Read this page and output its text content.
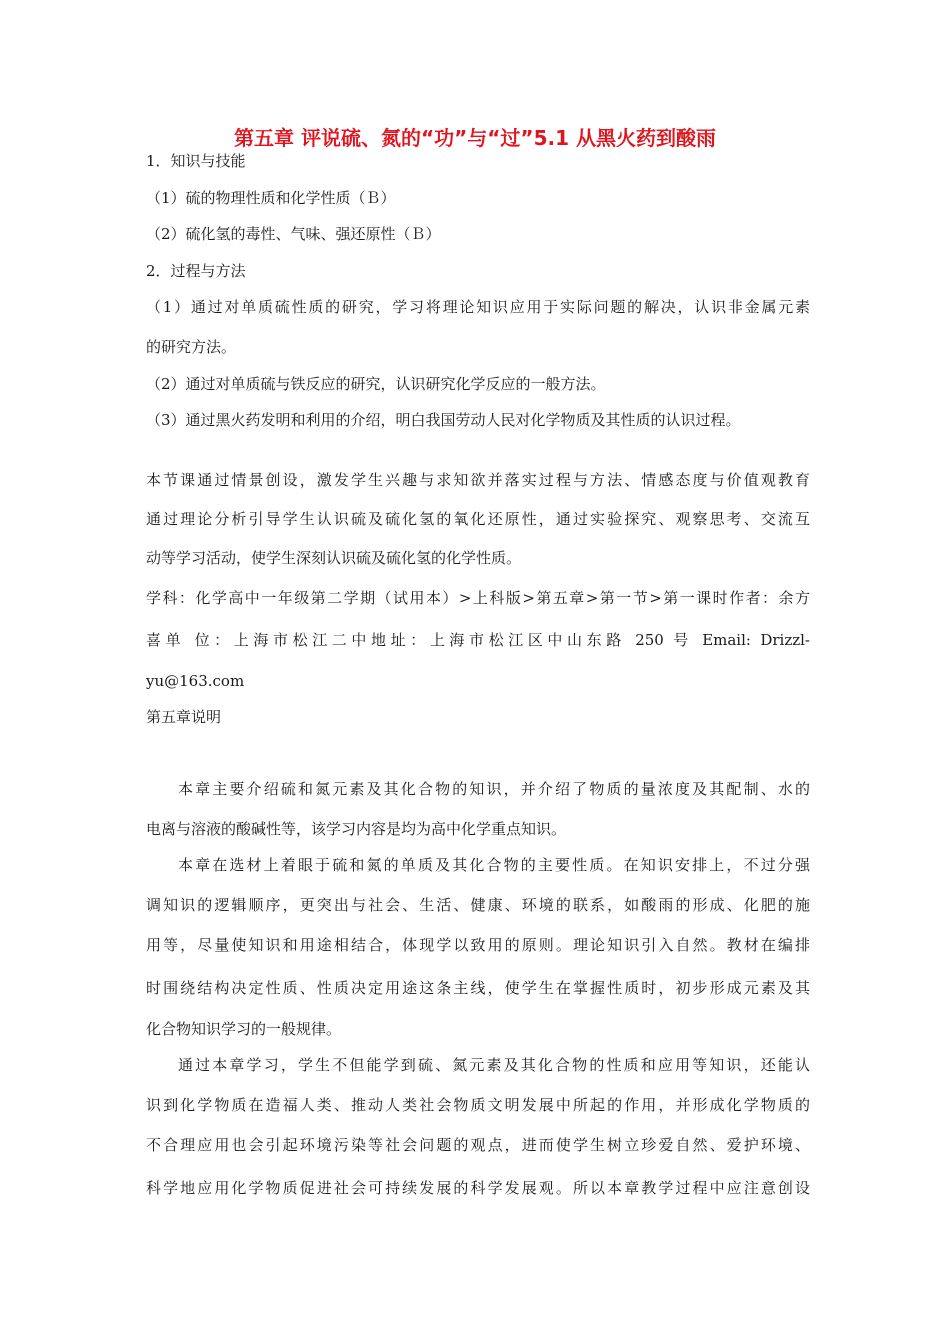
第五章 评说硫、氮的“功”与“过”5.1 从黑火药到酸雨
1．知识与技能
（1）硫的物理性质和化学性质（Ｂ）
（2）硫化氢的毒性、气味、强还原性（Ｂ）
2．过程与方法
（1）通过对单质硫性质的研究，学习将理论知识应用于实际问题的解决，认识非金属元素
的研究方法。
（2）通过对单质硫与铁反应的研究，认识研究化学反应的一般方法。
（3）通过黑火药发明和利用的介绍，明白我国劳动人民对化学物质及其性质的认识过程。
本节课通过情景创设，激发学生兴趣与求知欲并落实过程与方法、情感态度与价值观教育
通过理论分析引导学生认识硫及硫化氢的氧化还原性，通过实验探究、观察思考、交流互
动等学习活动，使学生深刻认识硫及硫化氢的化学性质。
学科：化学高中一年级第二学期（试用本）>上科版>第五章>第一节>第一课时作者：余方
喜单 位：上海市松江二中地址：上海市松江区中山东路 250 号 Email: Drizzl-
yu@163.com
第五章说明
本章主要介绍硫和氮元素及其化合物的知识，并介绍了物质的量浓度及其配制、水的
电离与溶液的酸碱性等，该学习内容是均为高中化学重点知识。
本章在选材上着眼于硫和氮的单质及其化合物的主要性质。在知识安排上，不过分强
调知识的逻辑顺序，更突出与社会、生活、健康、环境的联系，如酸雨的形成、化肥的施
用等，尽量使知识和用途相结合，体现学以致用的原则。理论知识引入自然。教材在编排
时围绕结构决定性质、性质决定用途这条主线，使学生在掌握性质时，初步形成元素及其
化合物知识学习的一般规律。
通过本章学习，学生不但能学到硫、氮元素及其化合物的性质和应用等知识，还能认
识到化学物质在造福人类、推动人类社会物质文明发展中所起的作用，并形成化学物质的
不合理应用也会引起环境污染等社会问题的观点，进而使学生树立珍爱自然、爱护环境、
科学地应用化学物质促进社会可持续发展的科学发展观。所以本章教学过程中应注意创设
